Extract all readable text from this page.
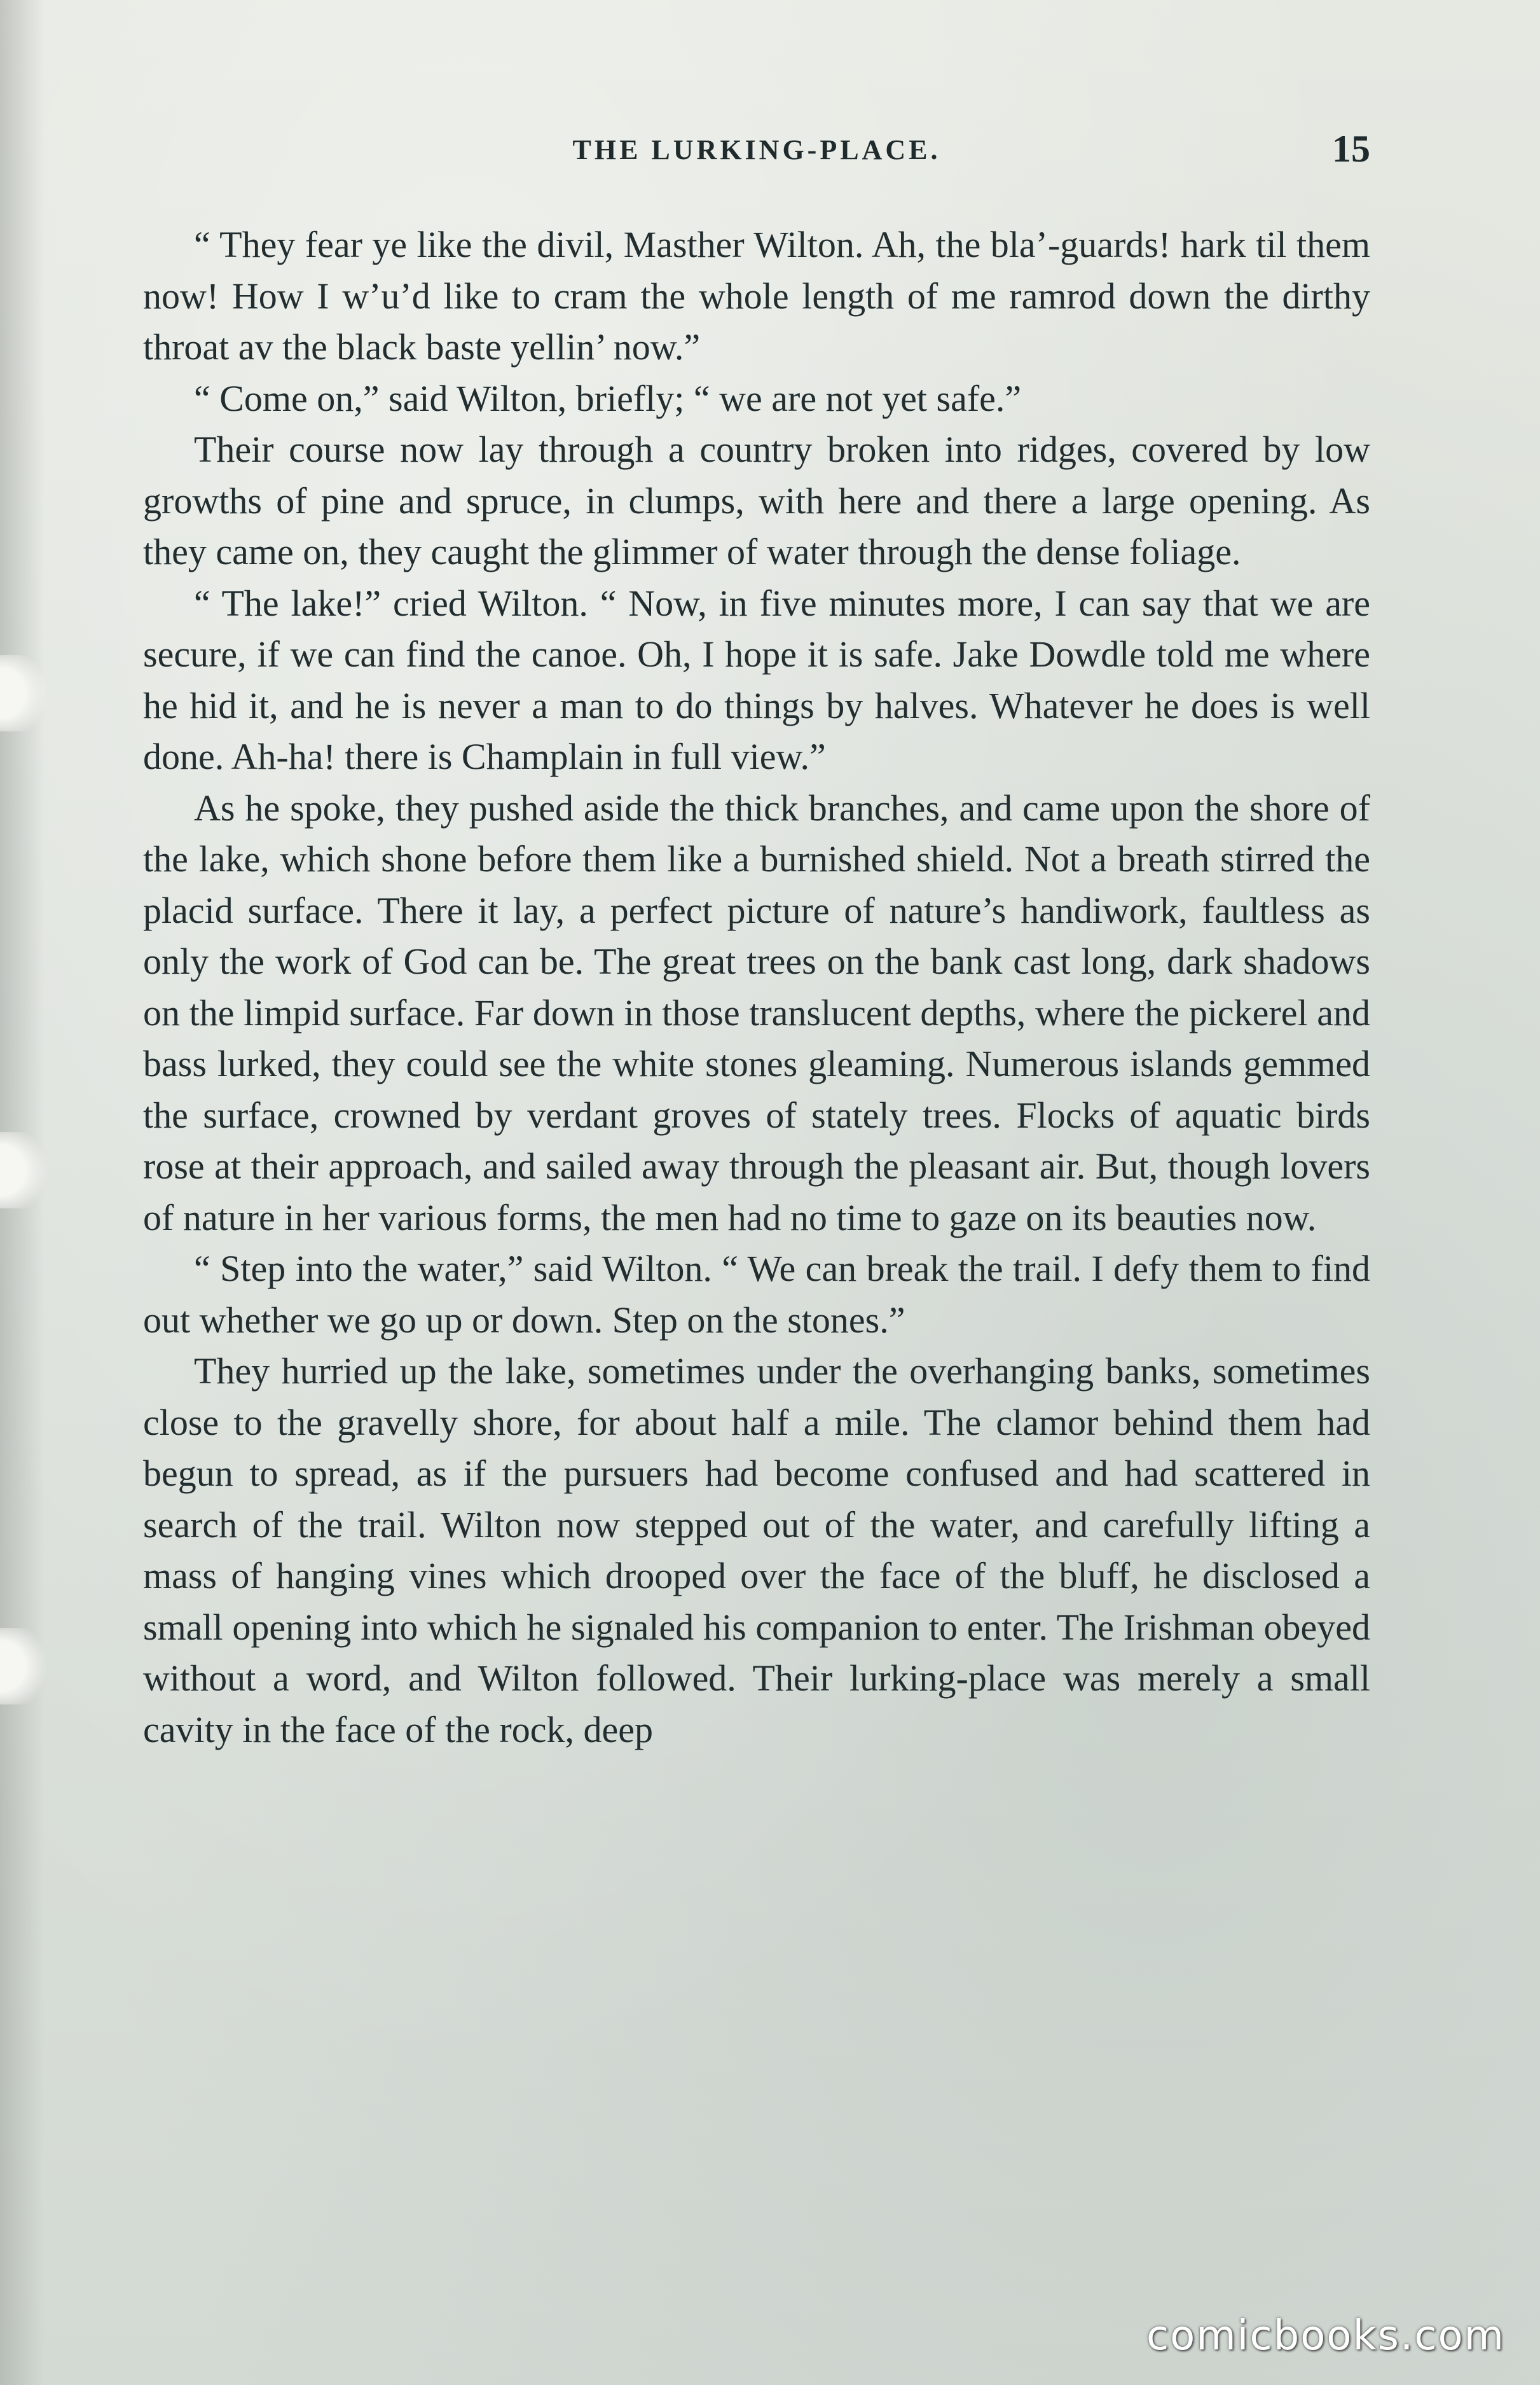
THE LURKING-PLACE.	15

“ They fear ye like the divil, Masther Wilton. Ah, the bla’-guards! hark til them now! How I w’u’d like to cram the whole length of me ramrod down the dirthy throat av the black baste yellin’ now.”

“ Come on,” said Wilton, briefly; “ we are not yet safe.”

Their course now lay through a country broken into ridges, covered by low growths of pine and spruce, in clumps, with here and there a large opening. As they came on, they caught the glimmer of water through the dense foliage.

“ The lake!” cried Wilton. “ Now, in five minutes more, I can say that we are secure, if we can find the canoe. Oh, I hope it is safe. Jake Dowdle told me where he hid it, and he is never a man to do things by halves. Whatever he does is well done. Ah-ha! there is Champlain in full view.”

As he spoke, they pushed aside the thick branches, and came upon the shore of the lake, which shone before them like a burnished shield. Not a breath stirred the placid surface. There it lay, a perfect picture of nature’s handiwork, faultless as only the work of God can be. The great trees on the bank cast long, dark shadows on the limpid surface. Far down in those translucent depths, where the pickerel and bass lurked, they could see the white stones gleaming. Numerous islands gemmed the surface, crowned by verdant groves of stately trees. Flocks of aquatic birds rose at their approach, and sailed away through the pleasant air. But, though lovers of nature in her various forms, the men had no time to gaze on its beauties now.

“ Step into the water,” said Wilton. “ We can break the trail. I defy them to find out whether we go up or down. Step on the stones.”

They hurried up the lake, sometimes under the overhanging banks, sometimes close to the gravelly shore, for about half a mile. The clamor behind them had begun to spread, as if the pursuers had become confused and had scattered in search of the trail. Wilton now stepped out of the water, and carefully lifting a mass of hanging vines which drooped over the face of the bluff, he disclosed a small opening into which he signaled his companion to enter. The Irishman obeyed without a word, and Wilton followed. Their lurking-place was merely a small cavity in the face of the rock, deep

comicbooks.com
